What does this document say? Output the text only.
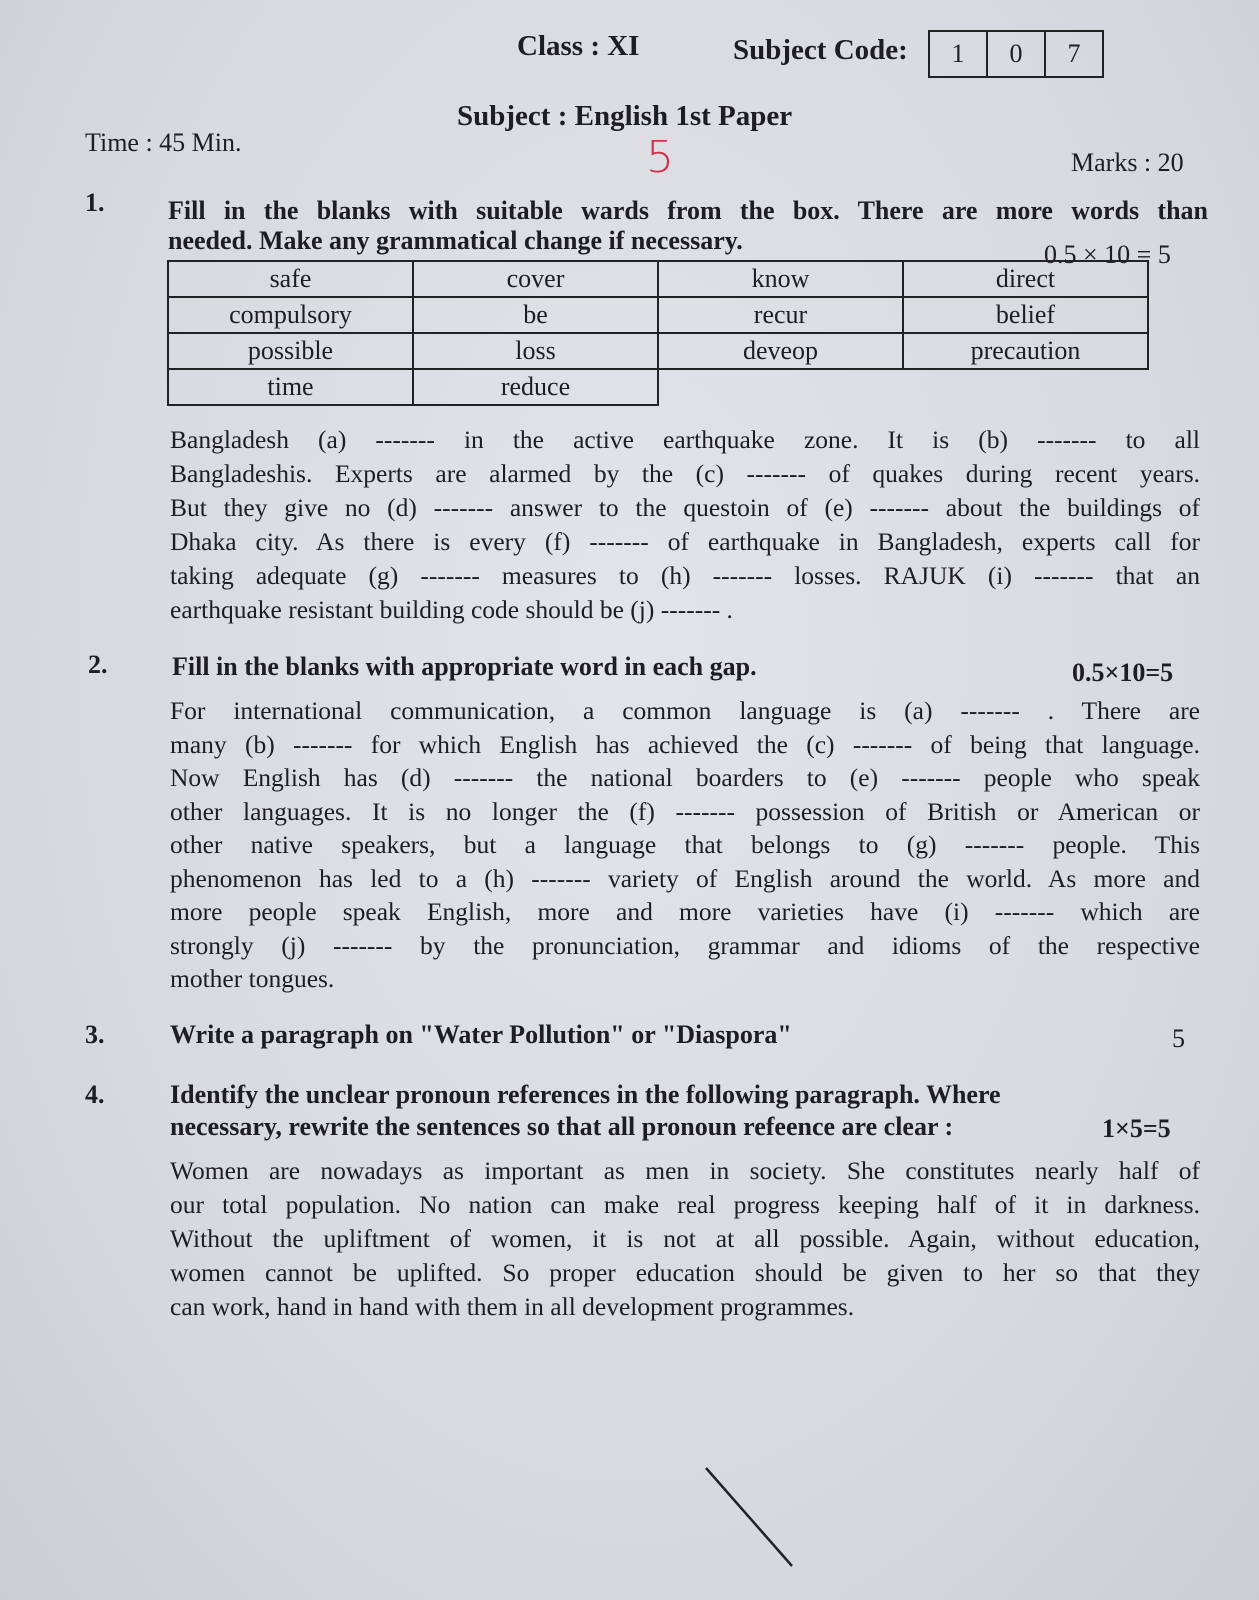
Class : XI	Subject Code:	1	0	7
Subject : English 1st Paper
Time : 45 Min.	5	Marks : 20
1. Fill in the blanks with suitable wards from the box. There are more words than
needed. Make any grammatical change if necessary.	0.5 × 10 = 5
safe	cover	know	direct
compulsory	be	recur	belief
possible	loss	deveop	precaution
time	reduce		
Bangladesh (a) ------- in the active earthquake zone. It is (b) ------- to all
Bangladeshis. Experts are alarmed by the (c) ------- of quakes during recent years.
But they give no (d) ------- answer to the questoin of (e) ------- about the buildings of
Dhaka city. As there is every (f) ------- of earthquake in Bangladesh, experts call for
taking adequate (g) ------- measures to (h) ------- losses. RAJUK (i) ------- that an
earthquake resistant building code should be (j) ------- .
2. Fill in the blanks with appropriate word in each gap.	0.5×10=5
For international communication, a common language is (a) ------- . There are
many (b) ------- for which English has achieved the (c) ------- of being that language.
Now English has (d) ------- the national boarders to (e) ------- people who speak
other languages. It is no longer the (f) ------- possession of British or American or
other native speakers, but a language that belongs to (g) ------- people. This
phenomenon has led to a (h) ------- variety of English around the world. As more and
more people speak English, more and more varieties have (i) ------- which are
strongly (j) ------- by the pronunciation, grammar and idioms of the respective
mother tongues.
3.	Write a paragraph on "Water Pollution" or "Diaspora"	5
4.	Identify the unclear pronoun references in the following paragraph. Where
necessary, rewrite the sentences so that all pronoun refeence are clear :	1×5=5
Women are nowadays as important as men in society. She constitutes nearly half of
our total population. No nation can make real progress keeping half of it in darkness.
Without the upliftment of women, it is not at all possible. Again, without education,
women cannot be uplifted. So proper education should be given to her so that they
can work, hand in hand with them in all development programmes.
